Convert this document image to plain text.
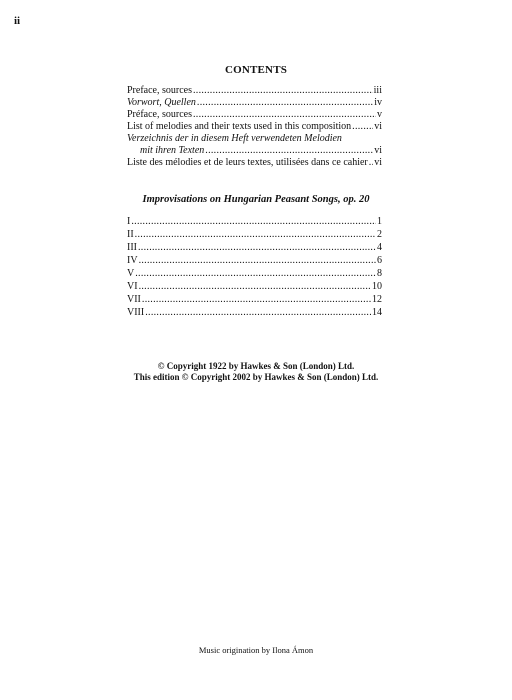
ii
CONTENTS
Preface, sources .....	iii
Vorwort, Quellen .....	iv
Préface, sources .....	v
List of melodies and their texts used in this composition ..... vi
Verzeichnis der in diesem Heft verwendeten Melodien
mit ihren Texten .....	vi
Liste des mélodies et de leurs textes, utilisées dans ce cahier ..... vi
Improvisations on Hungarian Peasant Songs, op. 20
I .....	1
II .....	2
III .....	4
IV .....	6
V .....	8
VI .....	10
VII .....	12
VIII .....	14
© Copyright 1922 by Hawkes & Son (London) Ltd.
This edition © Copyright 2002 by Hawkes & Son (London) Ltd.
Music origination by Ilona Ámon
